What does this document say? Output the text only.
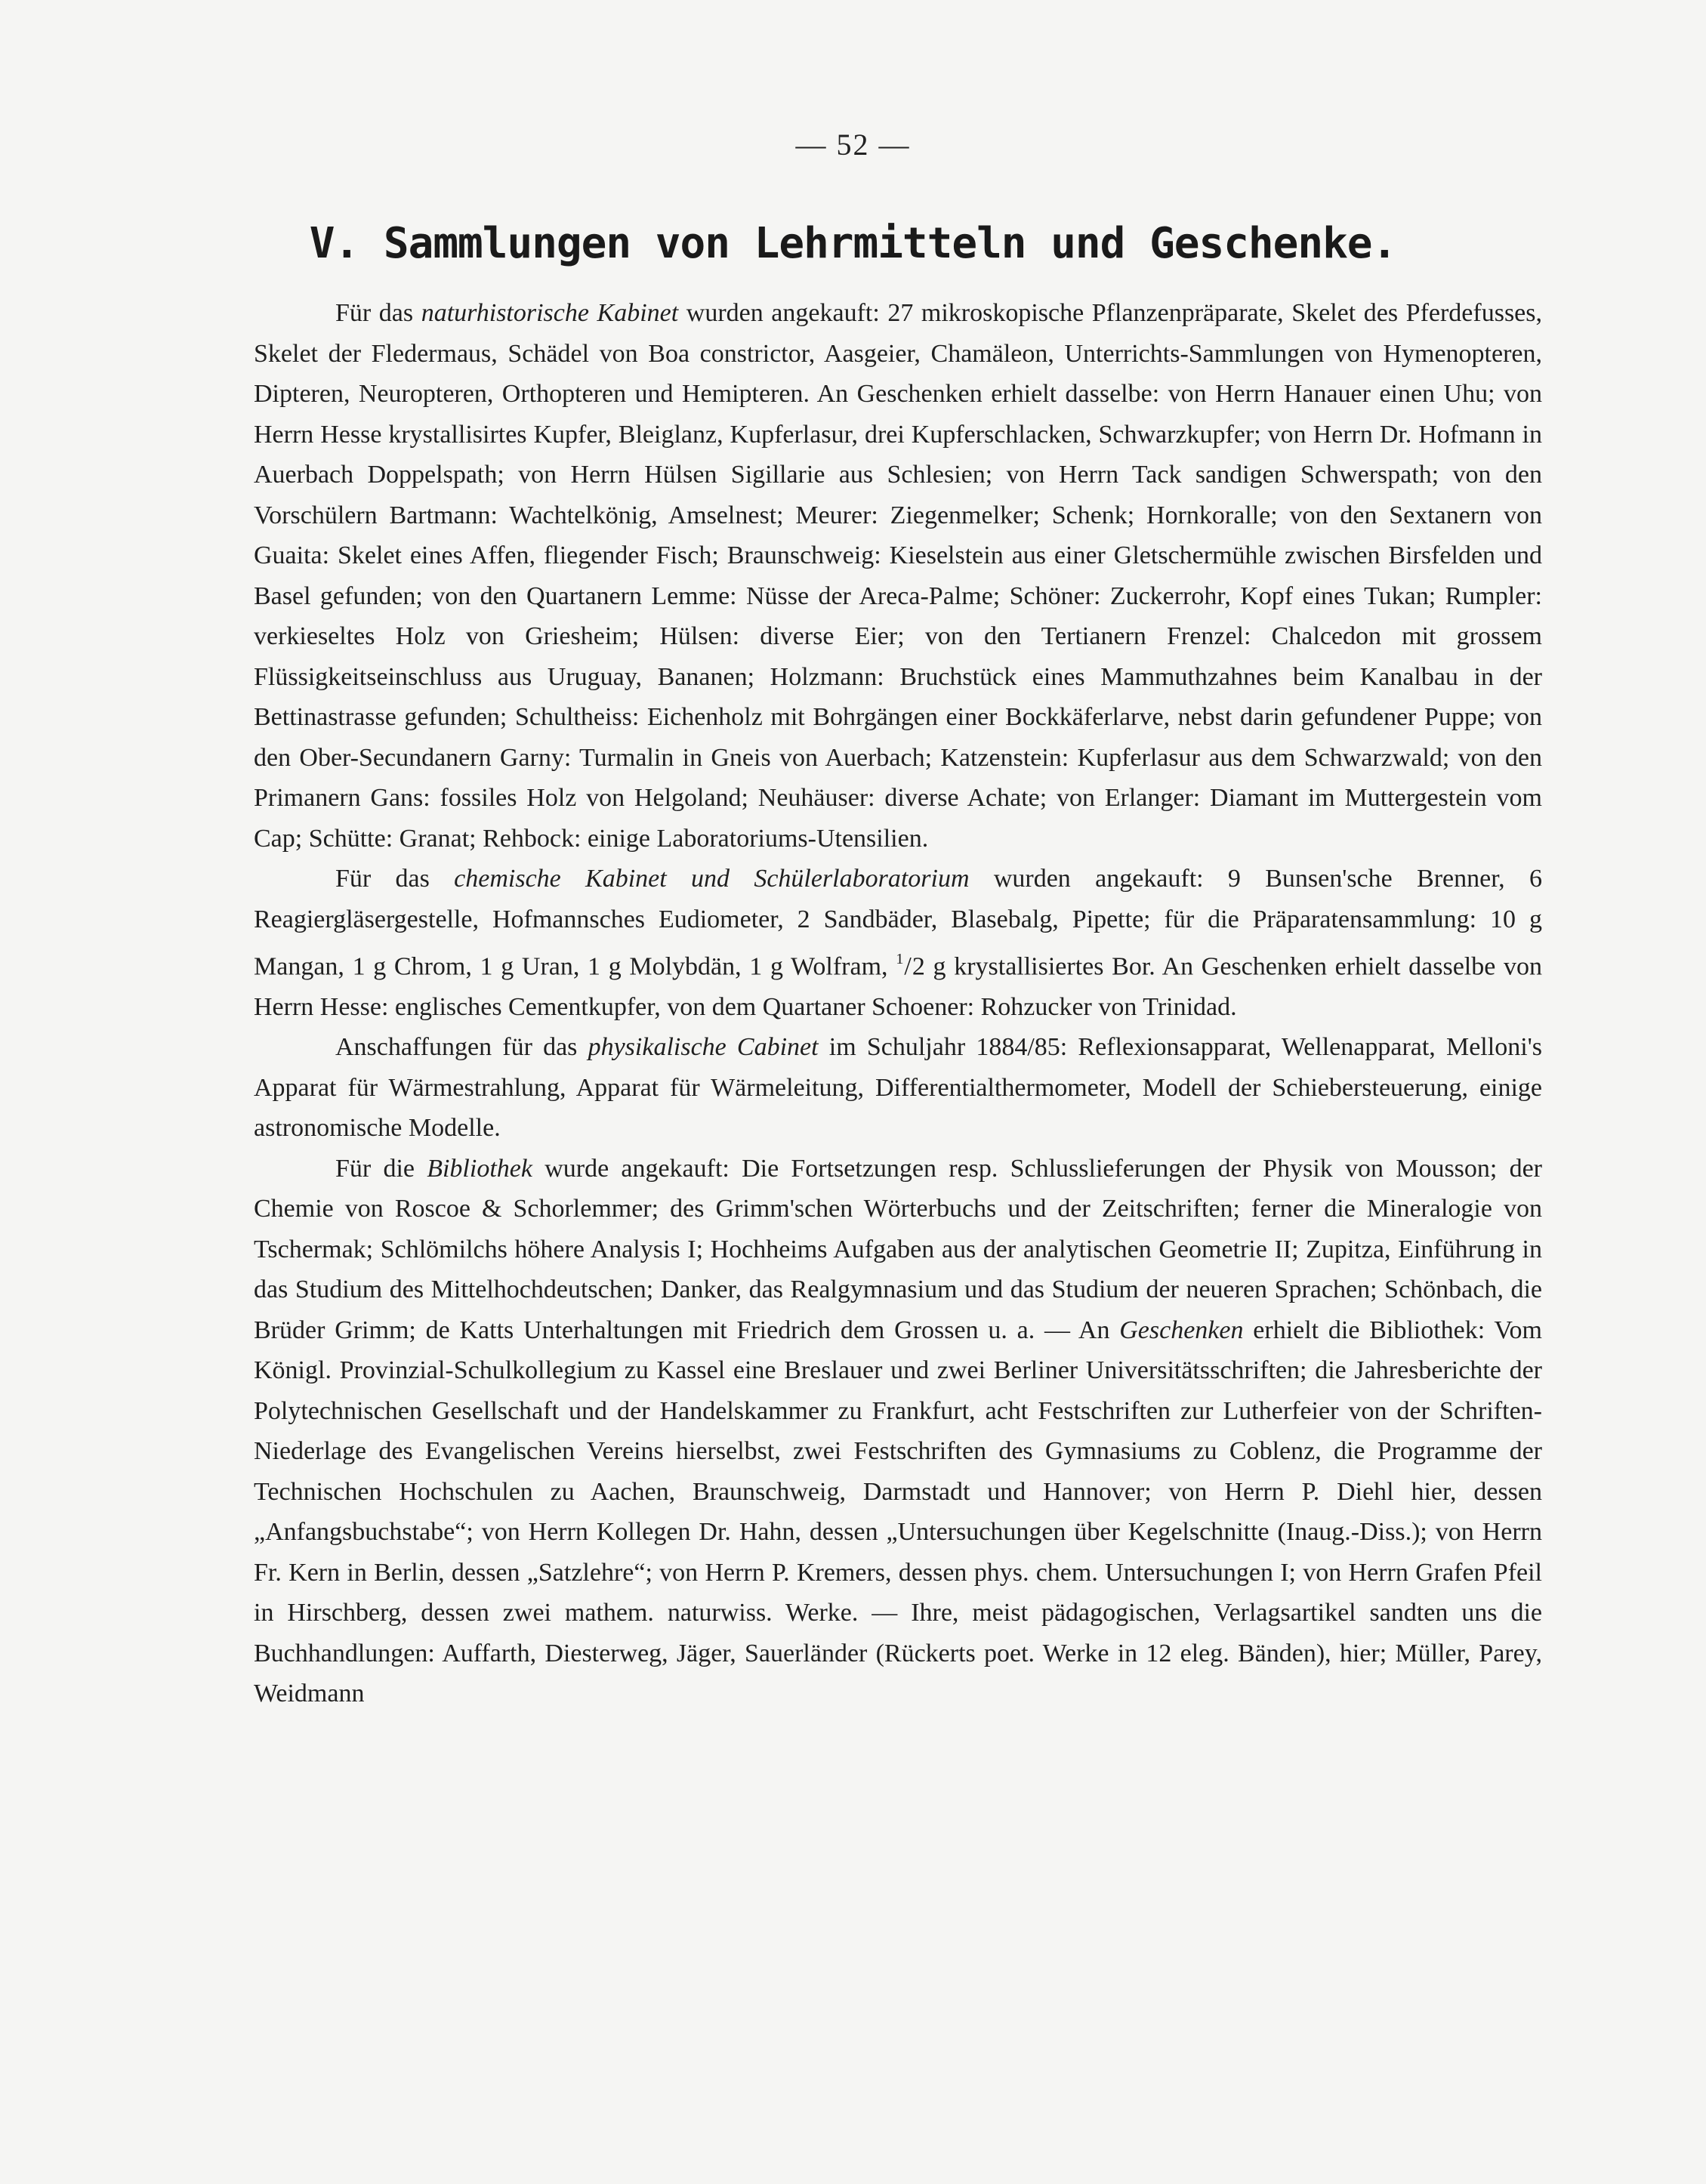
— 52 —
V. Sammlungen von Lehrmitteln und Geschenke.

Für das naturhistorische Kabinet wurden angekauft: 27 mikroskopische Pflanzenpräparate, Skelet des Pferdefusses, Skelet der Fledermaus, Schädel von Boa constrictor, Aasgeier, Chamäleon, Unterrichts-Sammlungen von Hymenopteren, Dipteren, Neuropteren, Orthopteren und Hemipteren. An Geschenken erhielt dasselbe: von Herrn Hanauer einen Uhu; von Herrn Hesse krystallisirtes Kupfer, Bleiglanz, Kupferlasur, drei Kupferschlacken, Schwarzkupfer; von Herrn Dr. Hofmann in Auerbach Doppelspath; von Herrn Hülsen Sigillarie aus Schlesien; von Herrn Tack sandigen Schwerspath; von den Vorschülern Bartmann: Wachtelkönig, Amselnest; Meurer: Ziegenmelker; Schenk; Hornkoralle; von den Sextanern von Guaita: Skelet eines Affen, fliegender Fisch; Braunschweig: Kieselstein aus einer Gletschermühle zwischen Birsfelden und Basel gefunden; von den Quartanern Lemme: Nüsse der Areca-Palme; Schöner: Zuckerrohr, Kopf eines Tukan; Rumpler: verkieseltes Holz von Griesheim; Hülsen: diverse Eier; von den Tertianern Frenzel: Chalcedon mit grossem Flüssigkeitseinschluss aus Uruguay, Bananen; Holzmann: Bruchstück eines Mammuthzahnes beim Kanalbau in der Bettinastrasse gefunden; Schultheiss: Eichenholz mit Bohrgängen einer Bockkäferlarve, nebst darin gefundener Puppe; von den Ober-Secundanern Garny: Turmalin in Gneis von Auerbach; Katzenstein: Kupferlasur aus dem Schwarzwald; von den Primanern Gans: fossiles Holz von Helgoland; Neuhäuser: diverse Achate; von Erlanger: Diamant im Muttergestein vom Cap; Schütte: Granat; Rehbock: einige Laboratoriums-Utensilien.

Für das chemische Kabinet und Schülerlaboratorium wurden angekauft: 9 Bunsen'sche Brenner, 6 Reagiergläsergestelle, Hofmannsches Eudiometer, 2 Sandbäder, Blasebalg, Pipette; für die Präparatensammlung: 10 g Mangan, 1 g Chrom, 1 g Uran, 1 g Molybdän, 1 g Wolfram, $^1$/2 g krystallisiertes Bor. An Geschenken erhielt dasselbe von Herrn Hesse: englisches Cementkupfer, von dem Quartaner Schoener: Rohzucker von Trinidad.

Anschaffungen für das physikalische Cabinet im Schuljahr 1884/85: Reflexionsapparat, Wellenapparat, Melloni's Apparat für Wärmestrahlung, Apparat für Wärmeleitung, Differentialthermometer, Modell der Schiebersteuerung, einige astronomische Modelle.

Für die Bibliothek wurde angekauft: Die Fortsetzungen resp. Schlusslieferungen der Physik von Mousson; der Chemie von Roscoe & Schorlemmer; des Grimm'schen Wörterbuchs und der Zeitschriften; ferner die Mineralogie von Tschermak; Schlömilchs höhere Analysis I; Hochheims Aufgaben aus der analytischen Geometrie II; Zupitza, Einführung in das Studium des Mittelhochdeutschen; Danker, das Realgymnasium und das Studium der neueren Sprachen; Schönbach, die Brüder Grimm; de Katts Unterhaltungen mit Friedrich dem Grossen u. a. — An Geschenken erhielt die Bibliothek: Vom Königl. Provinzial-Schulkollegium zu Kassel eine Breslauer und zwei Berliner Universitätsschriften; die Jahresberichte der Polytechnischen Gesellschaft und der Handelskammer zu Frankfurt, acht Festschriften zur Lutherfeier von der Schriften-Niederlage des Evangelischen Vereins hierselbst, zwei Festschriften des Gymnasiums zu Coblenz, die Programme der Technischen Hochschulen zu Aachen, Braunschweig, Darmstadt und Hannover; von Herrn P. Diehl hier, dessen „Anfangsbuchstabe“; von Herrn Kollegen Dr. Hahn, dessen „Untersuchungen über Kegelschnitte (Inaug.-Diss.); von Herrn Fr. Kern in Berlin, dessen „Satzlehre“; von Herrn P. Kremers, dessen phys. chem. Untersuchungen I; von Herrn Grafen Pfeil in Hirschberg, dessen zwei mathem. naturwiss. Werke. — Ihre, meist pädagogischen, Verlagsartikel sandten uns die Buchhandlungen: Auffarth, Diesterweg, Jäger, Sauerländer (Rückerts poet. Werke in 12 eleg. Bänden), hier; Müller, Parey, Weidmann
